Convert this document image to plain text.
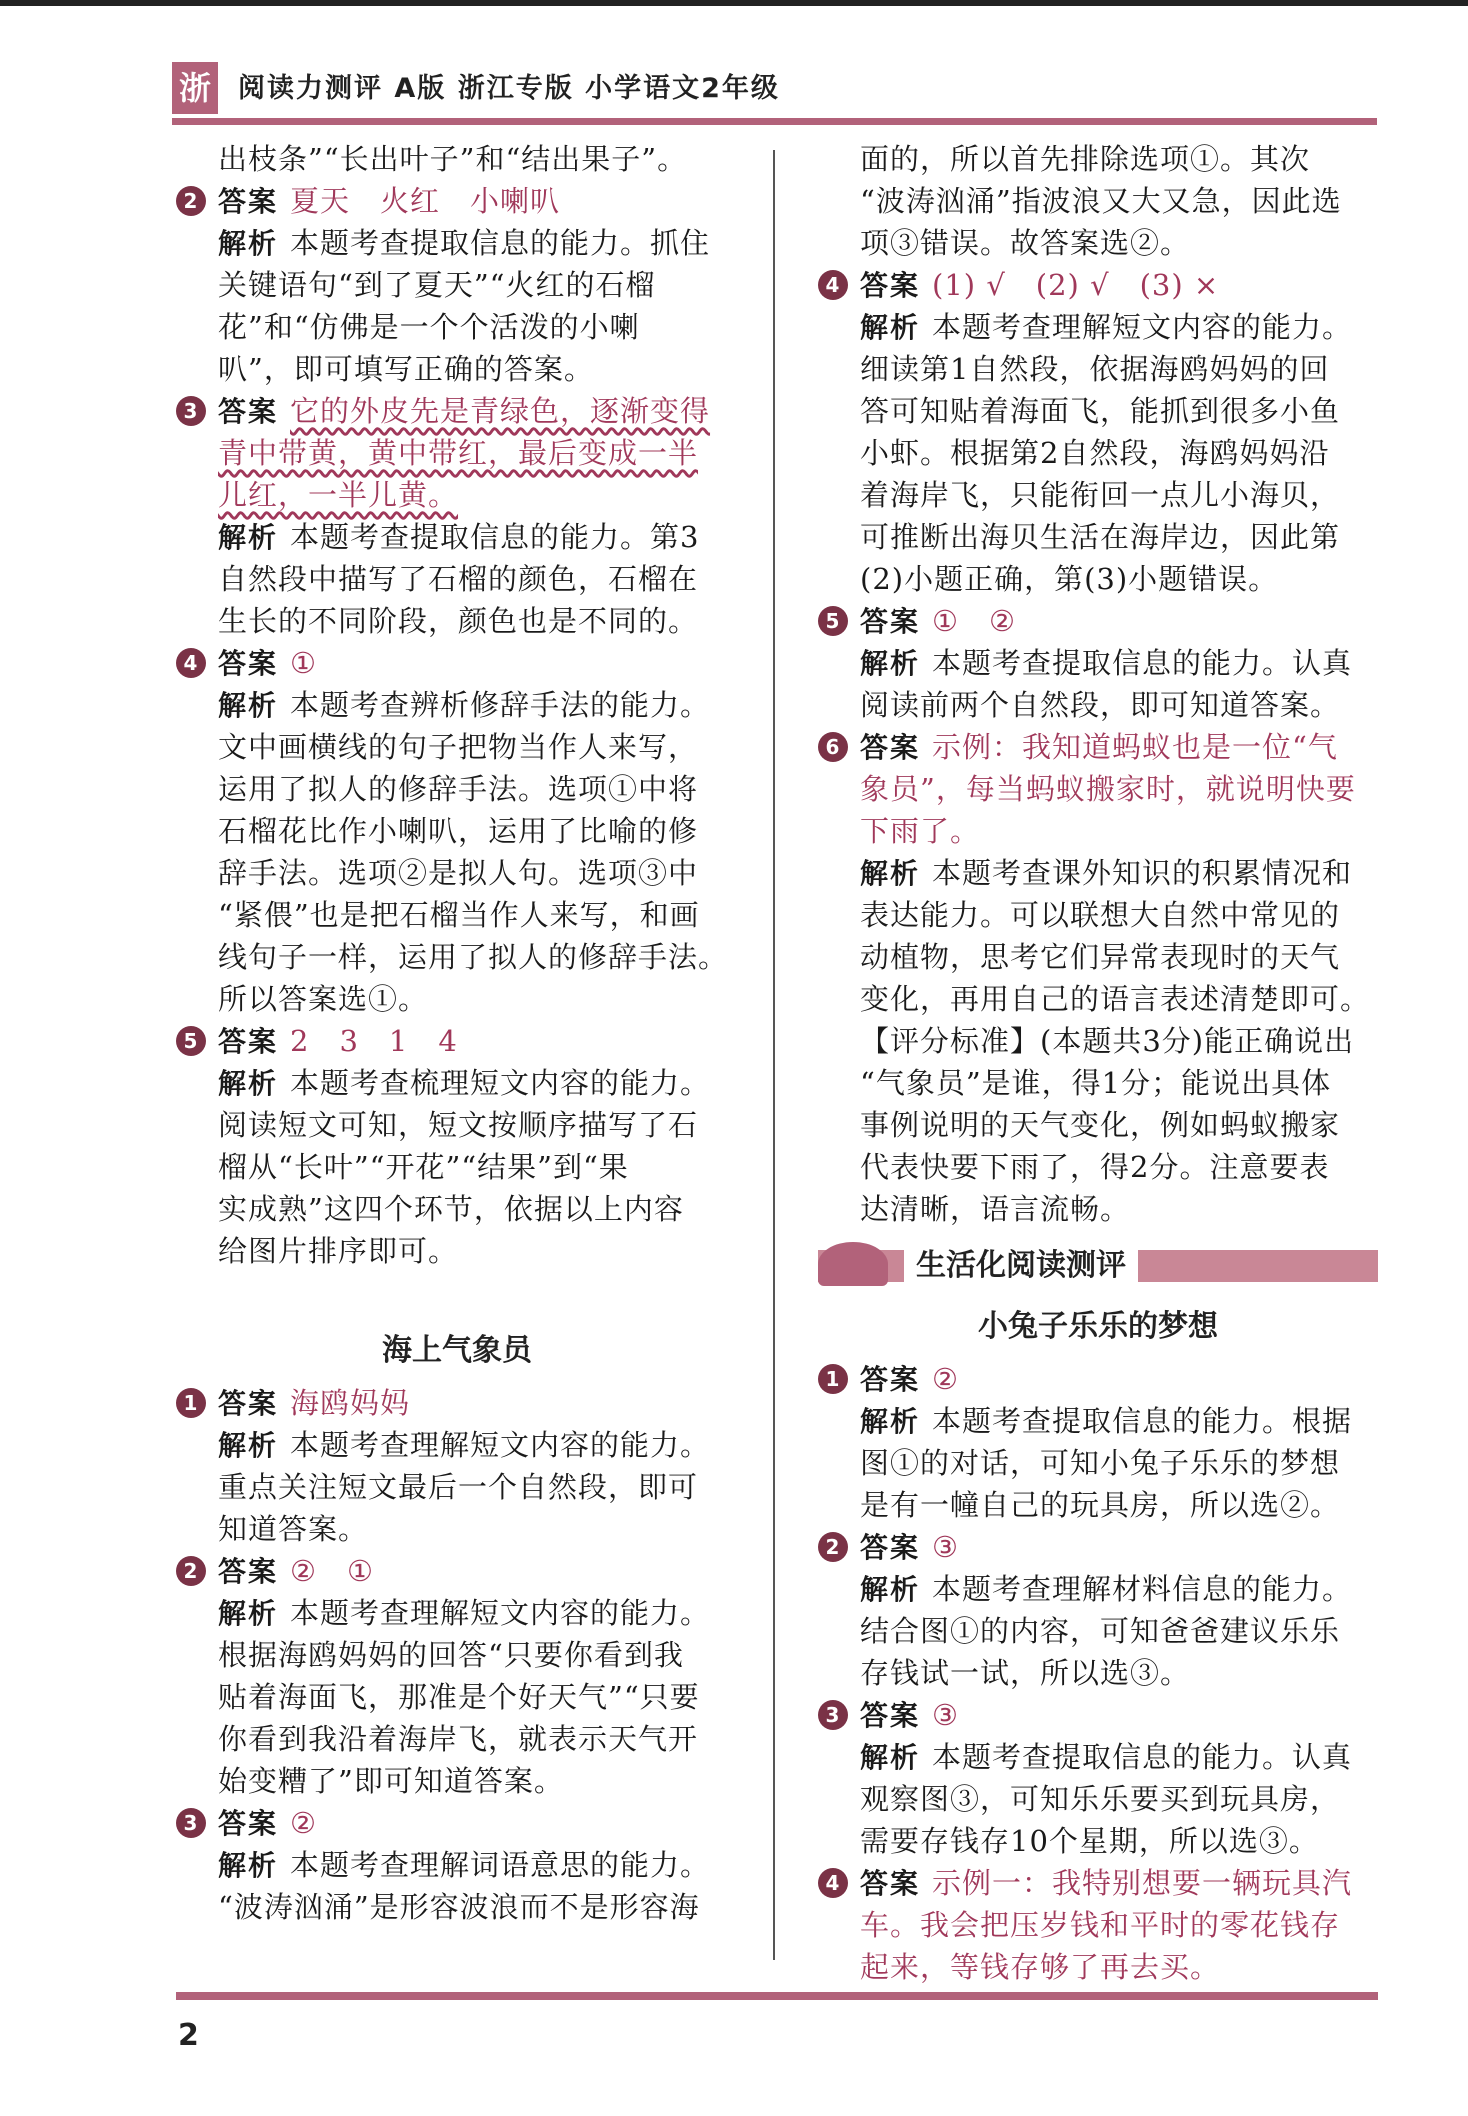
浙 阅读力测评 A版 浙江专版 小学语文2年级
出枝条”“长出叶子”和“结出果子”。
2 答案 夏天　火红　小喇叭
解析 本题考查提取信息的能力。抓住
关键语句“到了夏天”“火红的石榴
花”和“仿佛是一个个活泼的小喇
叭”，即可填写正确的答案。
3 答案 它的外皮先是青绿色，逐渐变得
青中带黄，黄中带红，最后变成一半
儿红，一半儿黄。
解析 本题考查提取信息的能力。第3
自然段中描写了石榴的颜色，石榴在
生长的不同阶段，颜色也是不同的。
4 答案 ①
解析 本题考查辨析修辞手法的能力。
文中画横线的句子把物当作人来写，
运用了拟人的修辞手法。选项①中将
石榴花比作小喇叭，运用了比喻的修
辞手法。选项②是拟人句。选项③中
“紧偎”也是把石榴当作人来写，和画
线句子一样，运用了拟人的修辞手法。
所以答案选①。
5 答案 2　3　1　4
解析 本题考查梳理短文内容的能力。
阅读短文可知，短文按顺序描写了石
榴从“长叶”“开花”“结果”到“果
实成熟”这四个环节，依据以上内容
给图片排序即可。
海上气象员
1 答案 海鸥妈妈
解析 本题考查理解短文内容的能力。
重点关注短文最后一个自然段，即可
知道答案。
2 答案 ②　①
解析 本题考查理解短文内容的能力。
根据海鸥妈妈的回答“只要你看到我
贴着海面飞，那准是个好天气”“只要
你看到我沿着海岸飞，就表示天气开
始变糟了”即可知道答案。
3 答案 ②
解析 本题考查理解词语意思的能力。
“波涛汹涌”是形容波浪而不是形容海
面的，所以首先排除选项①。其次
“波涛汹涌”指波浪又大又急，因此选
项③错误。故答案选②。
4 答案 (1) √　(2) √　(3) ×
解析 本题考查理解短文内容的能力。
细读第1自然段，依据海鸥妈妈的回
答可知贴着海面飞，能抓到很多小鱼
小虾。根据第2自然段，海鸥妈妈沿
着海岸飞，只能衔回一点儿小海贝，
可推断出海贝生活在海岸边，因此第
(2)小题正确，第(3)小题错误。
5 答案 ①　②
解析 本题考查提取信息的能力。认真
阅读前两个自然段，即可知道答案。
6 答案 示例：我知道蚂蚁也是一位“气
象员”，每当蚂蚁搬家时，就说明快要
下雨了。
解析 本题考查课外知识的积累情况和
表达能力。可以联想大自然中常见的
动植物，思考它们异常表现时的天气
变化，再用自己的语言表述清楚即可。
【评分标准】(本题共3分)能正确说出
“气象员”是谁，得1分；能说出具体
事例说明的天气变化，例如蚂蚁搬家
代表快要下雨了，得2分。注意要表
达清晰，语言流畅。
生活化阅读测评
小兔子乐乐的梦想
1 答案 ②
解析 本题考查提取信息的能力。根据
图①的对话，可知小兔子乐乐的梦想
是有一幢自己的玩具房，所以选②。
2 答案 ③
解析 本题考查理解材料信息的能力。
结合图①的内容，可知爸爸建议乐乐
存钱试一试，所以选③。
3 答案 ③
解析 本题考查提取信息的能力。认真
观察图③，可知乐乐要买到玩具房，
需要存钱存10个星期，所以选③。
4 答案 示例一：我特别想要一辆玩具汽
车。我会把压岁钱和平时的零花钱存
起来，等钱存够了再去买。
2
